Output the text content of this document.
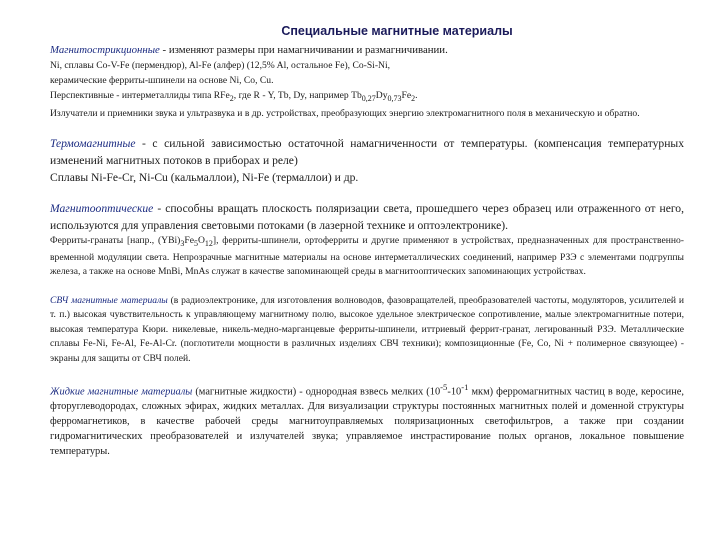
Специальные магнитные материалы

Магнитострикционные - изменяют размеры при намагничивании и размагничивании.

Ni, сплавы Co-V-Fe (пермендюр), Al-Fe (алфер) (12,5% Al, остальное Fe), Co-Si-Ni,

керамические ферриты-шпинели на основе Ni, Co, Cu.

Перспективные - интерметаллиды типа RFe$_2$, где R - Y, Tb, Dy, например $Tb_{0,27}Dy_{0,73}Fe_2$.

Излучатели и приемники звука и ультразвука и в др. устройствах, преобразующих энергию электромагнитного поля в механическую и обратно.

Термомагнитные - с сильной зависимостью остаточной намагниченности от температуры. (компенсация температурных изменений магнитных потоков в приборах и реле)

Сплавы Ni-Fe-Cr, Ni-Cu (кальмаллои), Ni-Fe (термаллои) и др.

Магнитооптические - способны вращать плоскость поляризации света, прошедшего через образец или отраженного от него, используются для управления световыми потоками (в лазерной технике и оптоэлектронике).

Ферриты-гранаты [напр., $(YBi)_3Fe_5O_{12}$], ферриты-шпинели, ортоферриты и другие применяют в устройствах, предназначенных для пространственно-временной модуляции света. Непрозрачные магнитные материалы на основе интерметаллических соединений, например РЗЭ с элементами подгруппы железа, а также на основе MnBi, MnAs служат в качестве запоминающей среды в магнитооптических запоминающих устройствах.

СВЧ магнитные материалы (в радиоэлектронике, для изготовления волноводов, фазовращателей, преобразователей частоты, модуляторов, усилителей и т. п.) высокая чувствительность к управляющему магнитному полю, высокое удельное электрическое сопротивление, малые электромагнитные потери, высокая температура Кюри. никелевые, никель-медно-марганцевые ферриты-шпинели, иттриевый феррит-гранат, легированный РЗЭ. Металлические сплавы Fe-Ni, Fe-Al, Fe-Al-Cr. (поглотители мощности в различных изделиях СВЧ техники); композиционные (Fe, Co, Ni + полимерное связующее) - экраны для защиты от СВЧ полей.

Жидкие магнитные материалы (магнитные жидкости) - однородная взвесь мелких ($10^{-5}-10^{-1}$ мкм) ферромагнитных частиц в воде, керосине, фторуглеводородах, сложных эфирах, жидких металлах. Для визуализации структуры постоянных магнитных полей и доменной структуры ферромагнетиков, в качестве рабочей среды магнитоуправляемых поляризационных светофильтров, а также при создании гидромагнитических преобразователей и излучателей звука; управляемое инстрастирование полых органов, локальное повышение температуры.
